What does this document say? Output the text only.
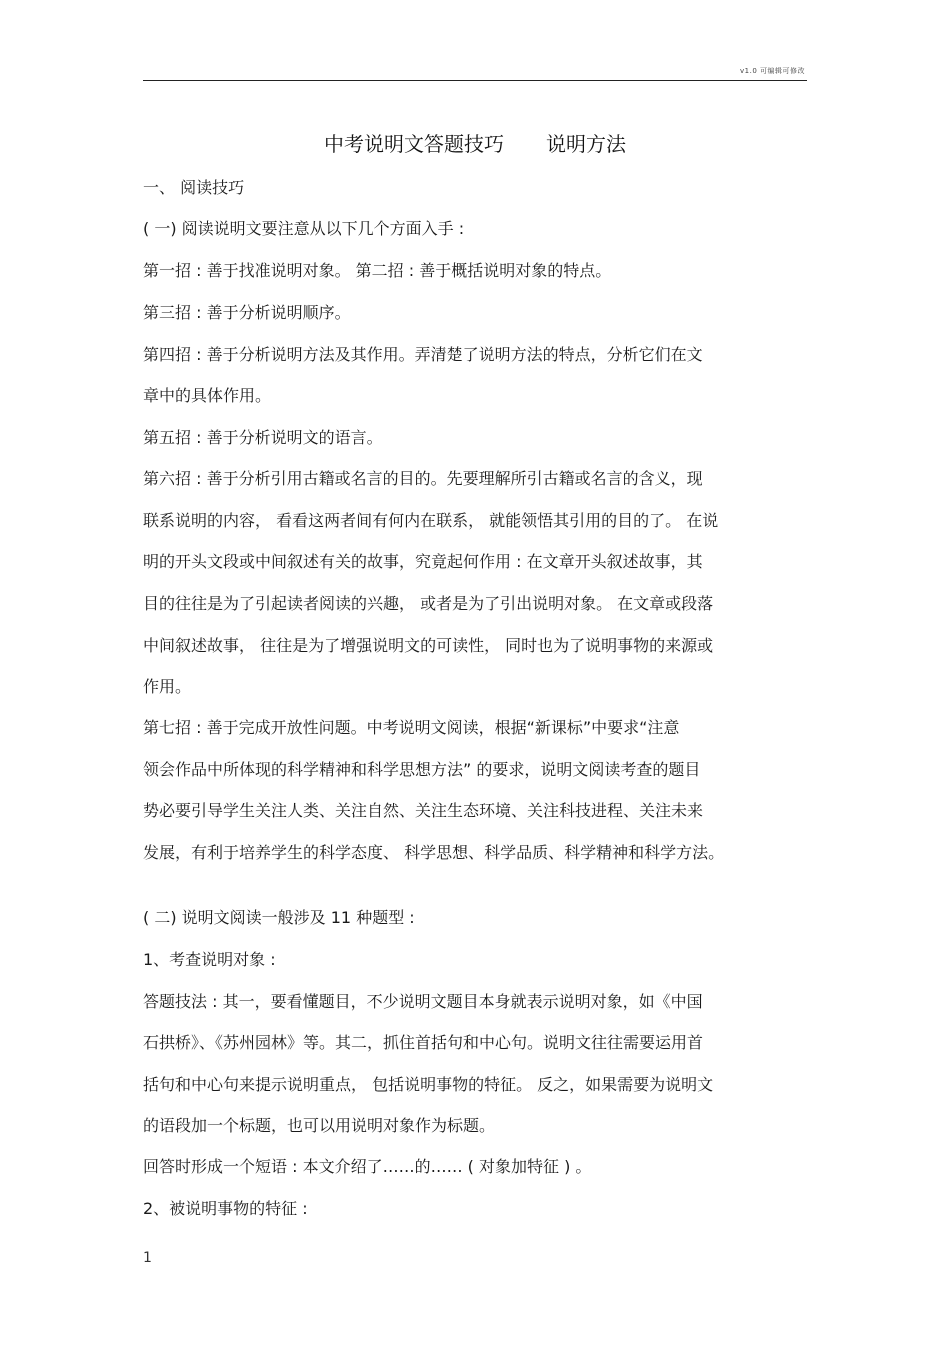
v1.0 可编辑可修改
中考说明文答题技巧 说明方法
一、 阅读技巧
( 一) 阅读说明文要注意从以下几个方面入手 :
第一招 : 善于找准说明对象。 第二招 : 善于概括说明对象的特点。
第三招 : 善于分析说明顺序。
第四招 : 善于分析说明方法及其作用。弄清楚了说明方法的特点，分析它们在文
章中的具体作用。
第五招 : 善于分析说明文的语言。
第六招 : 善于分析引用古籍或名言的目的。先要理解所引古籍或名言的含义，现
联系说明的内容， 看看这两者间有何内在联系， 就能领悟其引用的目的了。 在说
明的开头文段或中间叙述有关的故事，究竟起何作用 : 在文章开头叙述故事，其
目的往往是为了引起读者阅读的兴趣， 或者是为了引出说明对象。 在文章或段落
中间叙述故事， 往往是为了增强说明文的可读性， 同时也为了说明事物的来源或
作用。
第七招 : 善于完成开放性问题。中考说明文阅读，根据“新课标”中要求“注意
领会作品中所体现的科学精神和科学思想方法” 的要求，说明文阅读考查的题目
势必要引导学生关注人类、关注自然、关注生态环境、关注科技进程、关注未来
发展，有利于培养学生的科学态度、 科学思想、科学品质、科学精神和科学方法。
( 二) 说明文阅读一般涉及 11 种题型 :
1、考查说明对象 :
答题技法 : 其一，要看懂题目，不少说明文题目本身就表示说明对象，如《中国
石拱桥》、《苏州园林》等。其二，抓住首括句和中心句。说明文往往需要运用首
括句和中心句来提示说明重点， 包括说明事物的特征。 反之，如果需要为说明文
的语段加一个标题，也可以用说明对象作为标题。
回答时形成一个短语 : 本文介绍了……的…… ( 对象加特征 ) 。
2、被说明事物的特征 :
1
